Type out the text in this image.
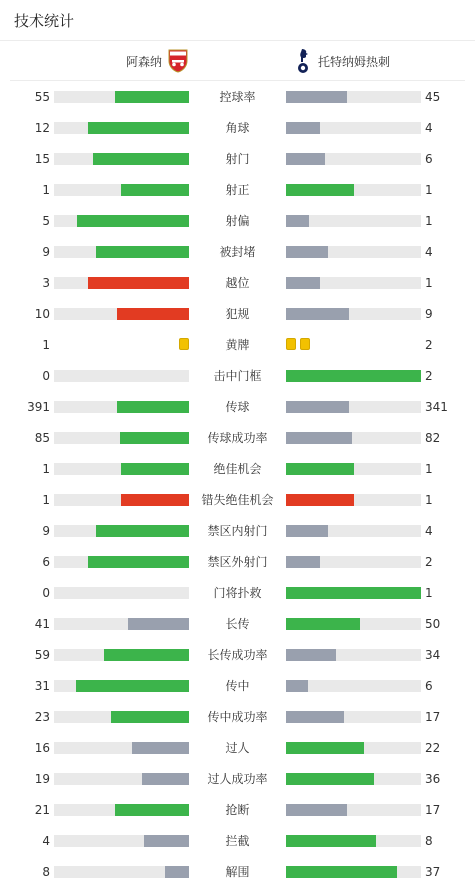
技术统计
阿森纳	托特纳姆热刺
55	控球率	45
12	角球	4
15	射门	6
1	射正	1
5	射偏	1
9	被封堵	4
3	越位	1
10	犯规	9
1	黄牌	2
0	击中门框	2
391	传球	341
85	传球成功率	82
1	绝佳机会	1
1	错失绝佳机会	1
9	禁区内射门	4
6	禁区外射门	2
0	门将扑救	1
41	长传	50
59	长传成功率	34
31	传中	6
23	传中成功率	17
16	过人	22
19	过人成功率	36
21	抢断	17
4	拦截	8
8	解围	37
